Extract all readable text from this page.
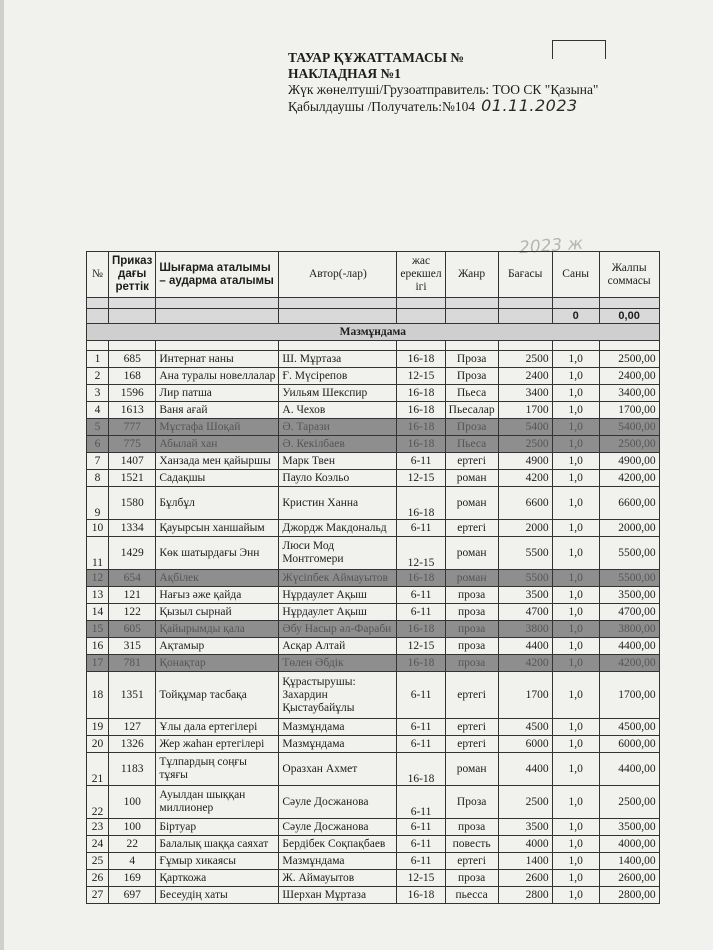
2023 ж
ТАУАР ҚҰЖАТТАМАСЫ №
НАКЛАДНАЯ №1
Жүк жөнелтуші/Грузоатправитель: ТОО СК "Қазына"
Қабылдаушы /Получатель:№104 01.11.2023
№	Приказ дағы реттік	Шығарма аталымы – аударма аталымы	Автор(-лар)	жас ерекшел ігі	Жанр	Бағасы	Саны	Жалпы соммасы

							0	0,00
Мазмұндама								

1	685	Интернат наны	Ш. Мұртаза	16-18	Проза	2500	1,0	2500,00
2	168	Ана туралы новеллалар	Ғ. Мүсірепов	12-15	Проза	2400	1,0	2400,00
3	1596	Лир патша	Уильям Шекспир	16-18	Пьеса	3400	1,0	3400,00
4	1613	Ваня ағай	А. Чехов	16-18	Пьесалар	1700	1,0	1700,00
5	777	Мұстафа Шоқай	Ә. Тарази	16-18	Проза	5400	1,0	5400,00
6	775	Абылай хан	Ә. Кекілбаев	16-18	Пьеса	2500	1,0	2500,00
7	1407	Ханзада мен қайыршы	Марк Твен	6-11	ертегі	4900	1,0	4900,00
8	1521	Садақшы	Пауло Коэльо	12-15	роман	4200	1,0	4200,00
9	1580	Бұлбұл	Кристин Ханна	16-18	роман	6600	1,0	6600,00
10	1334	Қауырсын ханшайым	Джордж Макдональд	6-11	ертегі	2000	1,0	2000,00
11	1429	Көк шатырдағы Энн	Люси Мод Монтгомери	12-15	роман	5500	1,0	5500,00
12	654	Ақбілек	Жүсіпбек Аймауытов	16-18	роман	5500	1,0	5500,00
13	121	Нағыз әже қайда	Нұрдаулет Ақыш	6-11	проза	3500	1,0	3500,00
14	122	Қызыл сырнай	Нұрдаулет Ақыш	6-11	проза	4700	1,0	4700,00
15	605	Қайырымды қала	Әбу Насыр әл-Фараби	16-18	проза	3800	1,0	3800,00
16	315	Ақтамыр	Асқар Алтай	12-15	проза	4400	1,0	4400,00
17	781	Қонақтар	Төлен Әбдік	16-18	проза	4200	1,0	4200,00
18	1351	Тойқұмар тасбақа	Құрастырушы: Захардин Қыстаубайұлы	6-11	ертегі	1700	1,0	1700,00
19	127	Ұлы дала ертегілері	Мазмұндама	6-11	ертегі	4500	1,0	4500,00
20	1326	Жер жаһан ертегілері	Мазмұндама	6-11	ертегі	6000	1,0	6000,00
21	1183	Тұлпардың соңғы тұяғы	Оразхан Ахмет	16-18	роман	4400	1,0	4400,00
22	100	Ауылдан шыққан миллионер	Сәуле Досжанова	6-11	Проза	2500	1,0	2500,00
23	100	Біртуар	Сәуле Досжанова	6-11	проза	3500	1,0	3500,00
24	22	Балалық шаққа саяхат	Бердібек Соқпақбаев	6-11	повесть	4000	1,0	4000,00
25	4	Ғұмыр хикаясы	Мазмұндама	6-11	ертегі	1400	1,0	1400,00
26	169	Қарткожа	Ж. Аймауытов	12-15	проза	2600	1,0	2600,00
27	697	Бесеудің хаты	Шерхан Мұртаза	16-18	пьесса	2800	1,0	2800,00
